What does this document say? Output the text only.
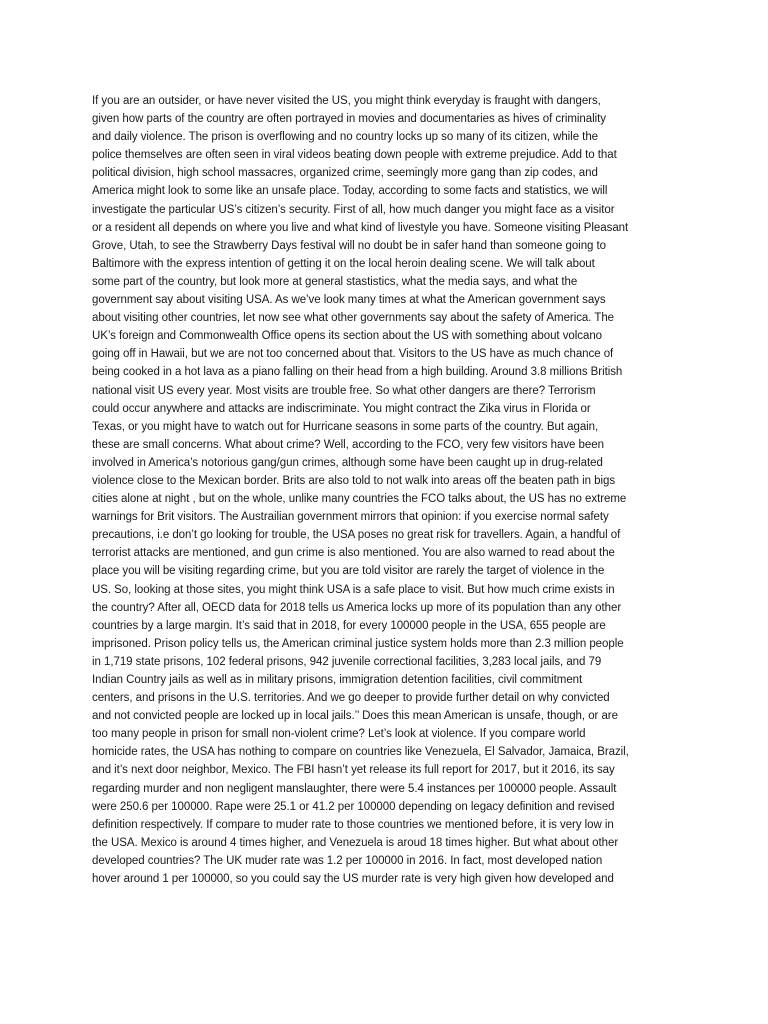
If you are an outsider, or have never visited the US, you might think everyday is fraught with dangers,
given how parts of the country are often portrayed in movies and documentaries as hives of criminality
and daily violence. The prison is overflowing and no country locks up so many of its citizen, while the
police themselves are often seen in viral videos beating down people with extreme prejudice. Add to that
political division, high school massacres, organized crime, seemingly more gang than zip codes, and
America might look to some like an unsafe place. Today, according to some facts and statistics, we will
investigate the particular US’s citizen’s security. First of all, how much danger you might face as a visitor
or a resident all depends on where you live and what kind of livestyle you have. Someone visiting Pleasant
Grove, Utah, to see the Strawberry Days festival will no doubt be in safer hand than someone going to
Baltimore with the express intention of getting it on the local heroin dealing scene. We will talk about
some part of the country, but look more at general stastistics, what the media says, and what the
government say about visiting USA. As we’ve look many times at what the American government says
about visiting other countries, let now see what other governments say about the safety of America. The
UK’s foreign and Commonwealth Office opens its section about the US with something about volcano
going off in Hawaii, but we are not too concerned about that. Visitors to the US have as much chance of
being cooked in a hot lava as a piano falling on their head from a high building. Around 3.8 millions British
national visit US every year. Most visits are trouble free. So what other dangers are there? Terrorism
could occur anywhere and attacks are indiscriminate. You might contract the Zika virus in Florida or
Texas, or you might have to watch out for Hurricane seasons in some parts of the country. But again,
these are small concerns. What about crime? Well, according to the FCO, very few visitors have been
involved in America’s notorious gang/gun crimes, although some have been caught up in drug-related
violence close to the Mexican border. Brits are also told to not walk into areas off the beaten path in bigs
cities alone at night , but on the whole, unlike many countries the FCO talks about, the US has no extreme
warnings for Brit visitors. The Austrailian government mirrors that opinion: if you exercise normal safety
precautions, i.e don’t go looking for trouble, the USA poses no great risk for travellers. Again, a handful of
terrorist attacks are mentioned, and gun crime is also mentioned. You are also warned to read about the
place you will be visiting regarding crime, but you are told visitor are rarely the target of violence in the
US. So, looking at those sites, you might think USA is a safe place to visit. But how much crime exists in
the country? After all, OECD data for 2018 tells us America locks up more of its population than any other
countries by a large margin. It’s said that in 2018, for every 100000 people in the USA, 655 people are
imprisoned. Prison policy tells us, the American criminal justice system holds more than 2.3 million people
in 1,719 state prisons, 102 federal prisons, 942 juvenile correctional facilities, 3,283 local jails, and 79
Indian Country jails as well as in military prisons, immigration detention facilities, civil commitment
centers, and prisons in the U.S. territories. And we go deeper to provide further detail on why convicted
and not convicted people are locked up in local jails.’’ Does this mean American is unsafe, though, or are
too many people in prison for small non-violent crime? Let’s look at violence. If you compare world
homicide rates, the USA has nothing to compare on countries like Venezuela, El Salvador, Jamaica, Brazil,
and it’s next door neighbor, Mexico. The FBI hasn’t yet release its full report for 2017, but it 2016, its say
regarding murder and non negligent manslaughter, there were 5.4 instances per 100000 people. Assault
were 250.6 per 100000. Rape were 25.1 or 41.2 per 100000 depending on legacy definition and revised
definition respectively. If compare to muder rate to those countries we mentioned before, it is very low in
the USA. Mexico is around 4 times higher, and Venezuela is aroud 18 times higher. But what about other
developed countries? The UK muder rate was 1.2 per 100000 in 2016. In fact, most developed nation
hover around 1 per 100000, so you could say the US murder rate is very high given how developed and
